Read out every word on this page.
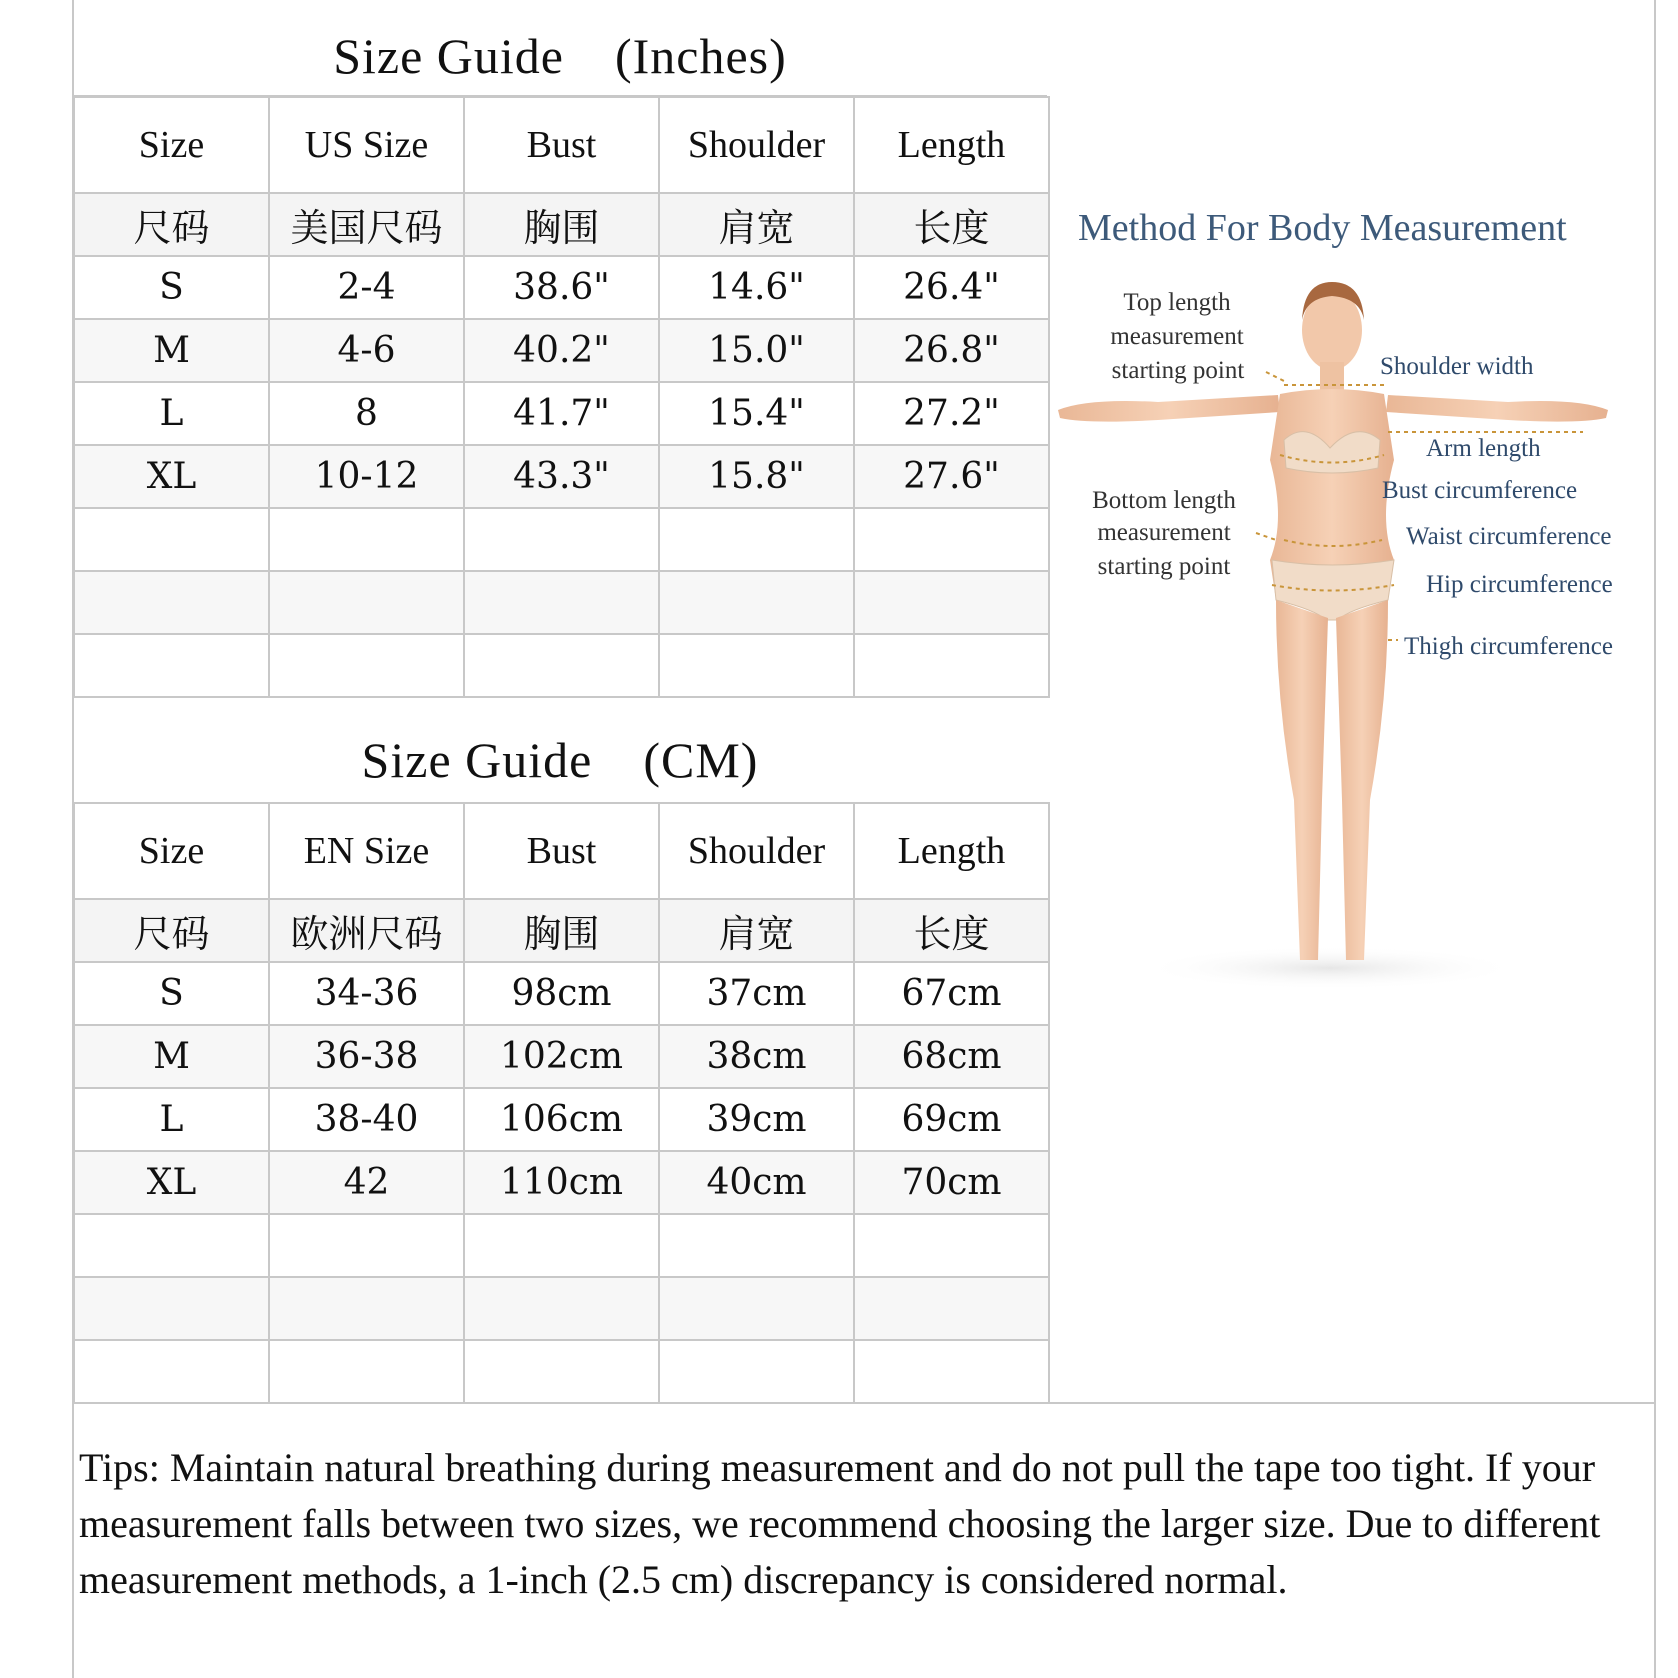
Size Guide　(Inches)
Size	US Size	Bust	Shoulder	Length
尺码	美国尺码	胸围	肩宽	长度
S	2-4	38.6"	14.6"	26.4"
M	4-6	40.2"	15.0"	26.8"
L	8	41.7"	15.4"	27.2"
XL	10-12	43.3"	15.8"	27.6"

Size Guide　(CM)
Size	EN Size	Bust	Shoulder	Length
尺码	欧洲尺码	胸围	肩宽	长度
S	34-36	98cm	37cm	67cm
M	36-38	102cm	38cm	68cm
L	38-40	106cm	39cm	69cm
XL	42	110cm	40cm	70cm

Method For Body Measurement
Top length
measurement
starting point	Shoulder width
Arm length
Bust circumference
Bottom length
measurement
starting point
Waist circumference
Hip circumference
Thigh circumference

Tips: Maintain natural breathing during measurement and do not pull the tape too tight. If your measurement falls between two sizes, we recommend choosing the larger size. Due to different measurement methods, a 1-inch (2.5 cm) discrepancy is considered normal.
